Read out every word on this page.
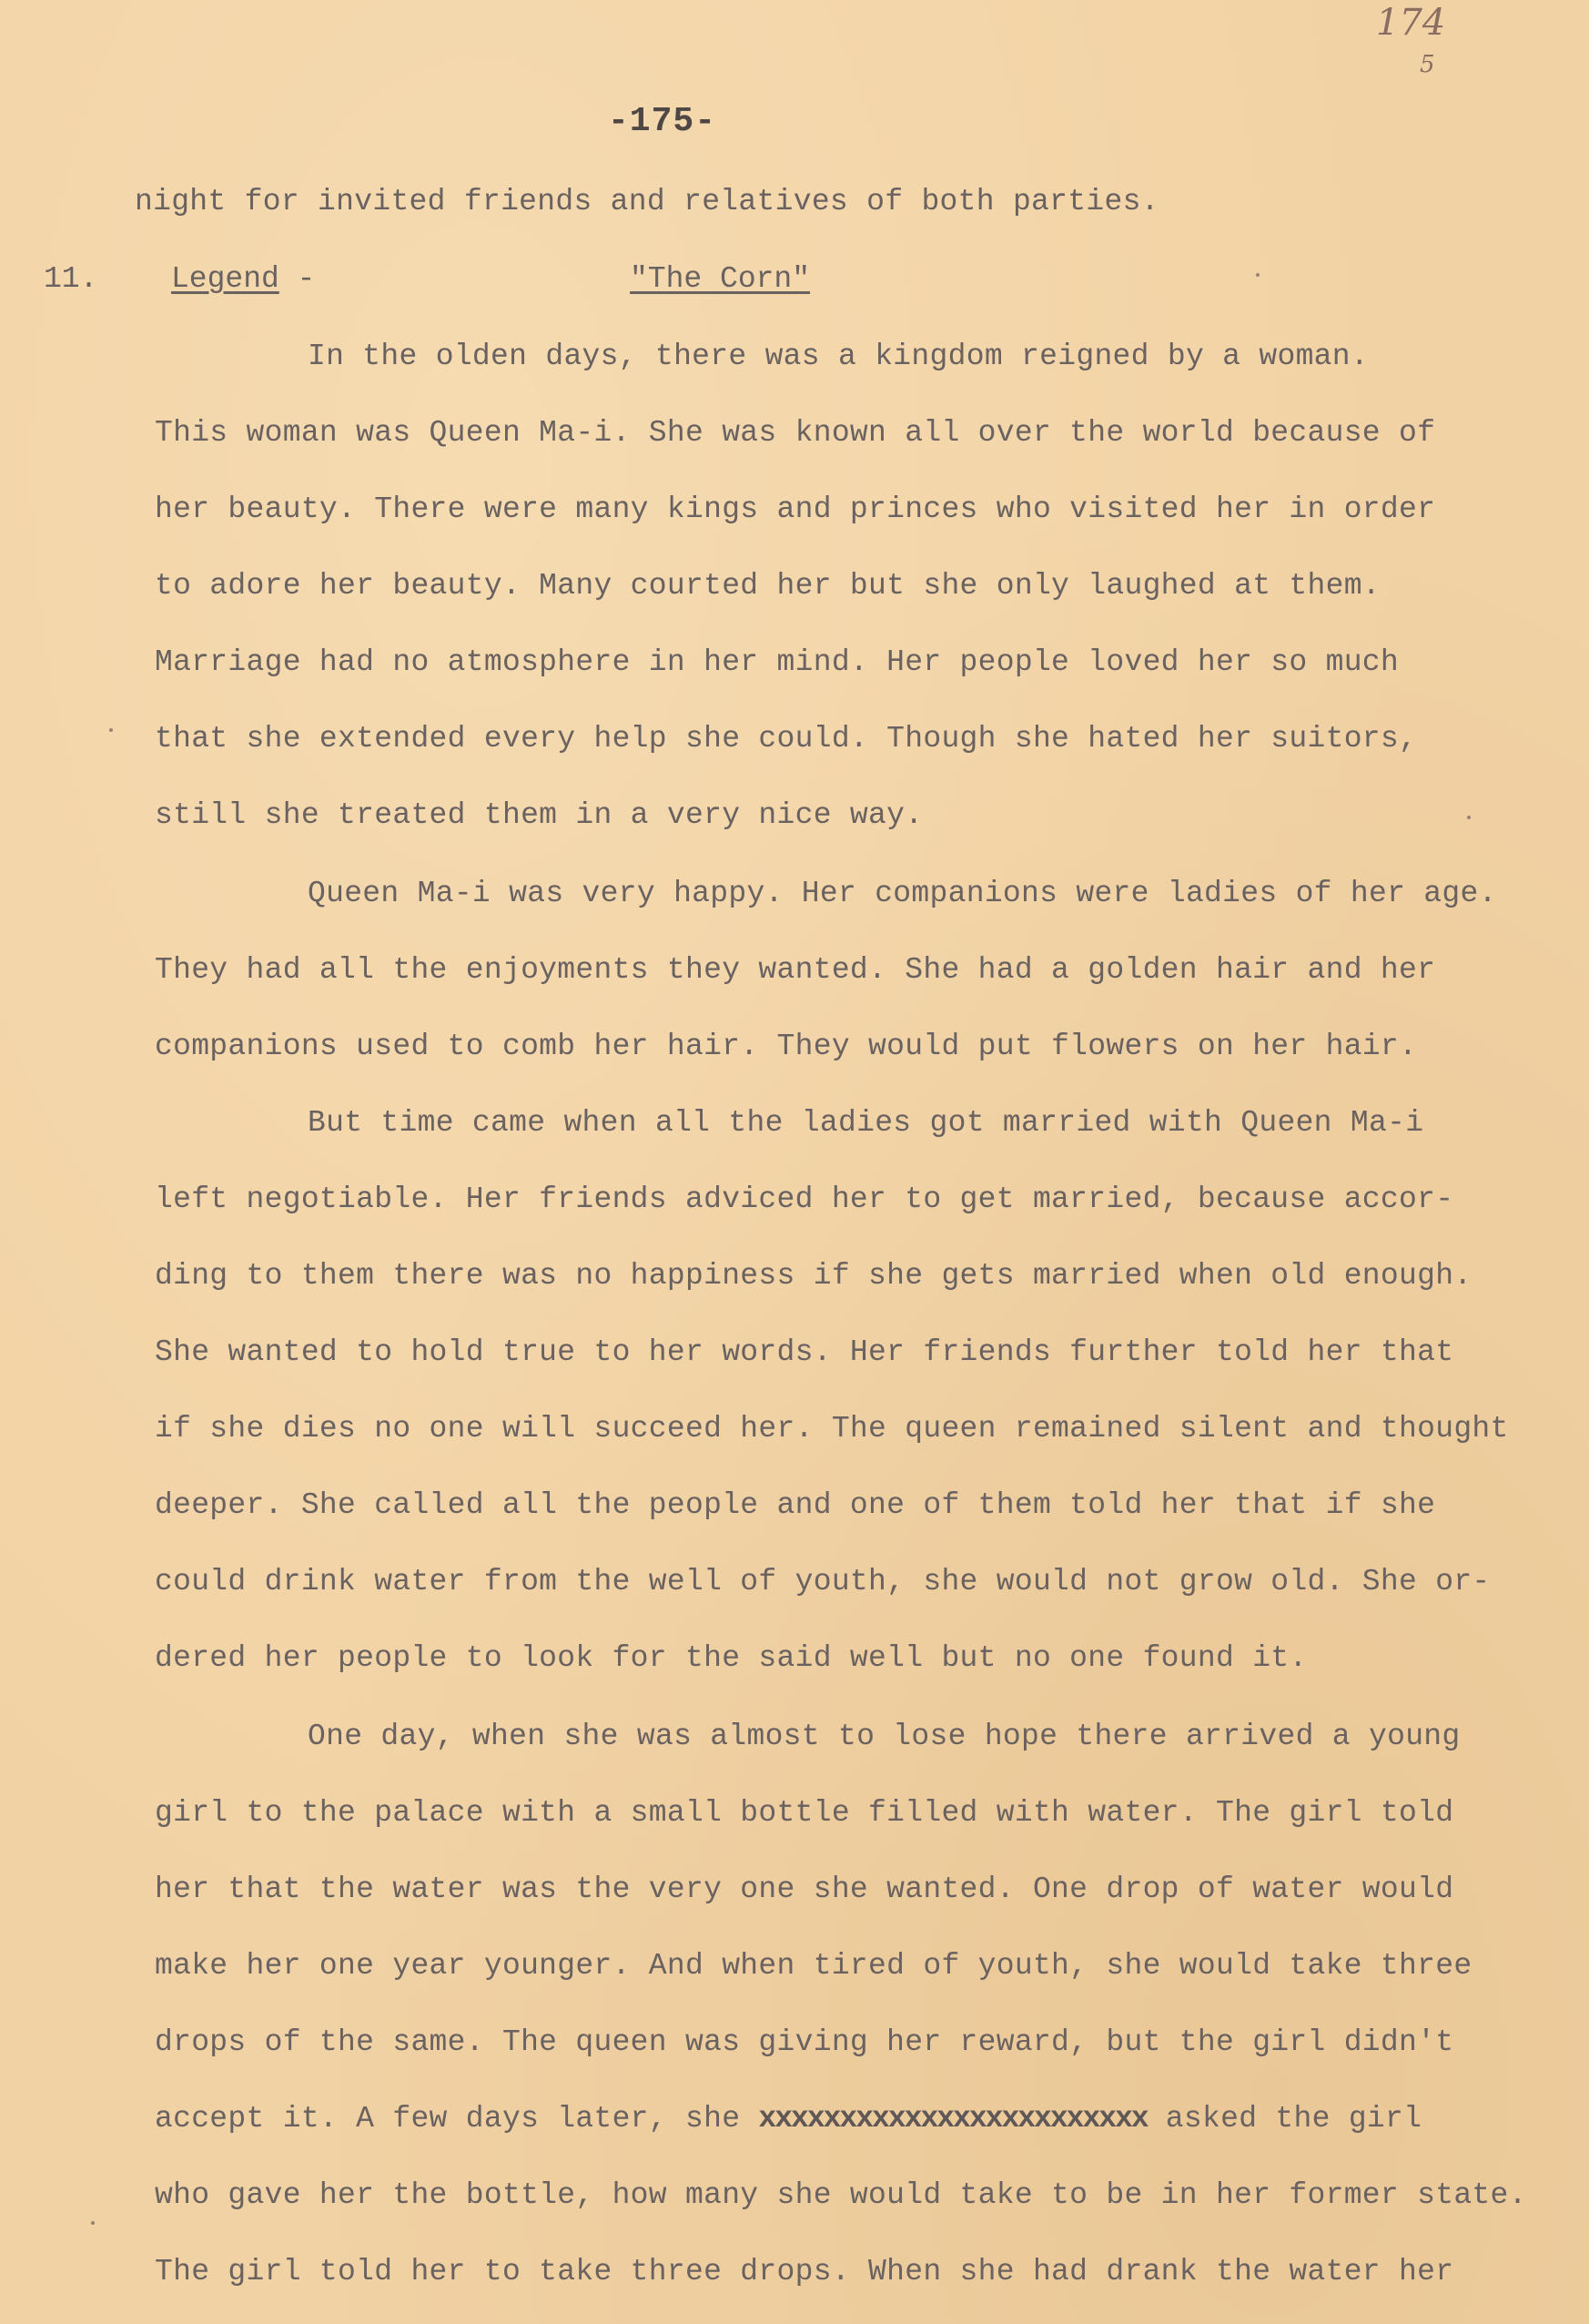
174
5
-175-
night for invited friends and relatives of both parties.
11. Legend -	"The Corn"
In the olden days, there was a kingdom reigned by a woman.
This woman was Queen Ma-i. She was known all over the world because of
her beauty. There were many kings and princes who visited her in order
to adore her beauty. Many courted her but she only laughed at them.
Marriage had no atmosphere in her mind. Her people loved her so much
that she extended every help she could. Though she hated her suitors,
still she treated them in a very nice way.
Queen Ma-i was very happy. Her companions were ladies of her age.
They had all the enjoyments they wanted. She had a golden hair and her
companions used to comb her hair. They would put flowers on her hair.
But time came when all the ladies got married with Queen Ma-i
left negotiable. Her friends adviced her to get married, because accor-
ding to them there was no happiness if she gets married when old enough.
She wanted to hold true to her words. Her friends further told her that
if she dies no one will succeed her. The queen remained silent and thought
deeper. She called all the people and one of them told her that if she
could drink water from the well of youth, she would not grow old. She or-
dered her people to look for the said well but no one found it.
One day, when she was almost to lose hope there arrived a young
girl to the palace with a small bottle filled with water. The girl told
her that the water was the very one she wanted. One drop of water would
make her one year younger. And when tired of youth, she would take three
drops of the same. The queen was giving her reward, but the girl didn't
accept it. A few days later, she xxxxxxxxxxxxxxxxxxxxxxxx asked the girl
who gave her the bottle, how many she would take to be in her former state.
The girl told her to take three drops. When she had drank the water her
